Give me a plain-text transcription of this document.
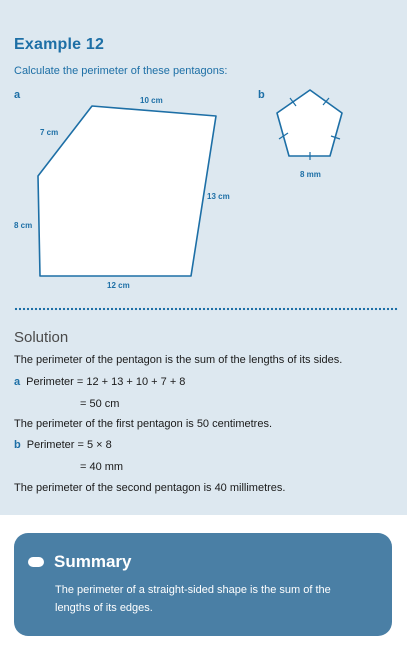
Example 12
Calculate the perimeter of these pentagons:
a	b
10 cm
7 cm
13 cm
8 cm
12 cm
8 mm
Solution
The perimeter of the pentagon is the sum of the lengths of its sides.
a Perimeter = 12 + 13 + 10 + 7 + 8
= 50 cm
The perimeter of the first pentagon is 50 centimetres.
b Perimeter = 5 × 8
= 40 mm
The perimeter of the second pentagon is 40 millimetres.
Summary
The perimeter of a straight-sided shape is the sum of the lengths of its edges.
